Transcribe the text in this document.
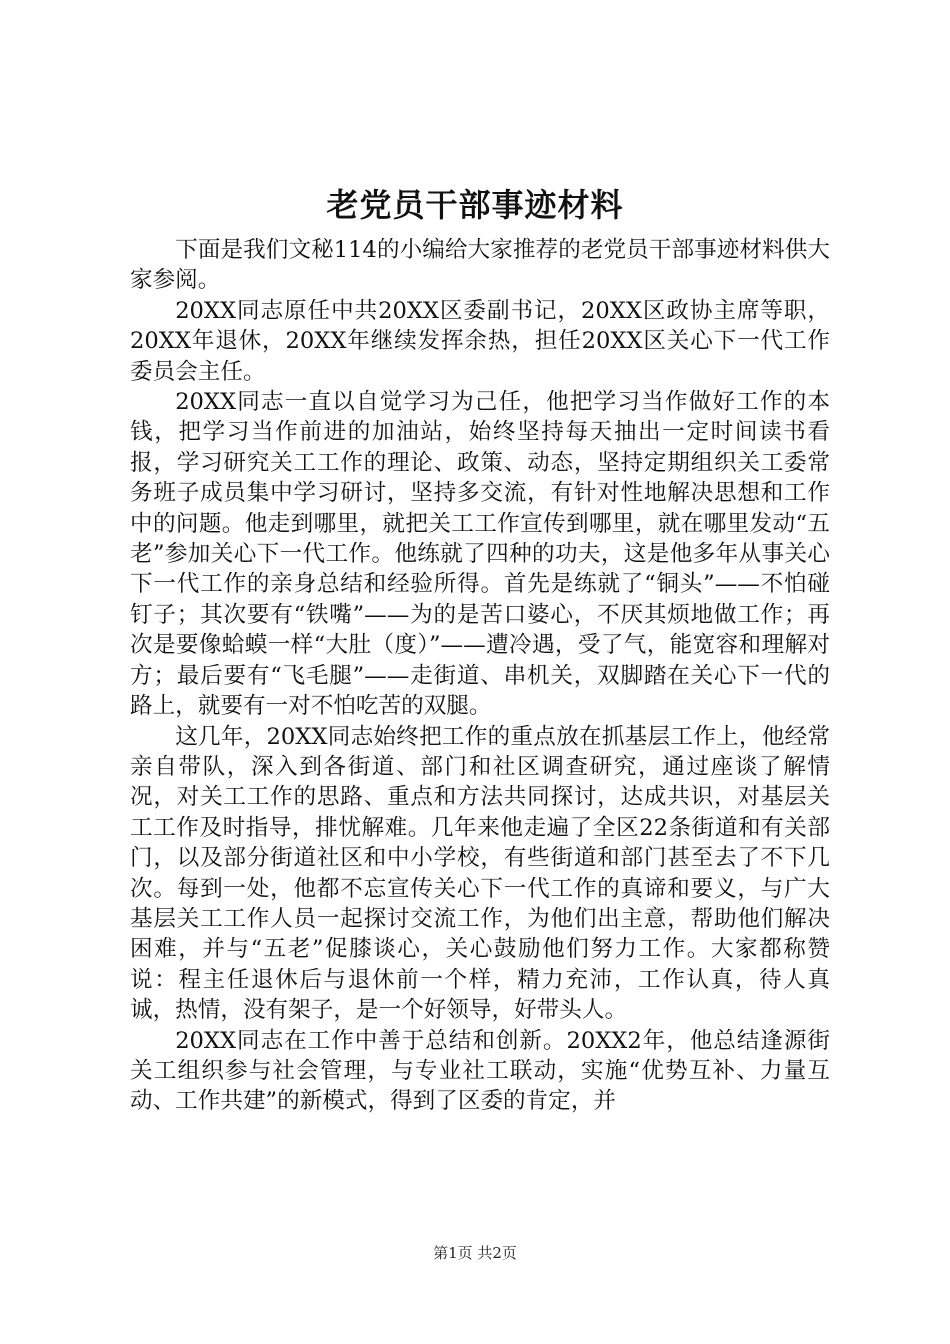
老党员干部事迹材料

下面是我们文秘114的小编给大家推荐的老党员干部事迹材料供大家参阅。

20XX同志原任中共20XX区委副书记，20XX区政协主席等职，20XX年退休，20XX年继续发挥余热，担任20XX区关心下一代工作委员会主任。

20XX同志一直以自觉学习为己任，他把学习当作做好工作的本钱，把学习当作前进的加油站，始终坚持每天抽出一定时间读书看报，学习研究关工工作的理论、政策、动态，坚持定期组织关工委常务班子成员集中学习研讨，坚持多交流，有针对性地解决思想和工作中的问题。他走到哪里，就把关工工作宣传到哪里，就在哪里发动“五老”参加关心下一代工作。他练就了四种的功夫，这是他多年从事关心下一代工作的亲身总结和经验所得。首先是练就了“铜头”——不怕碰钉子；其次要有“铁嘴”——为的是苦口婆心，不厌其烦地做工作；再次是要像蛤蟆一样“大肚（度）”——遭冷遇，受了气，能宽容和理解对方；最后要有“飞毛腿”——走街道、串机关，双脚踏在关心下一代的路上，就要有一对不怕吃苦的双腿。

这几年，20XX同志始终把工作的重点放在抓基层工作上，他经常亲自带队，深入到各街道、部门和社区调查研究，通过座谈了解情况，对关工工作的思路、重点和方法共同探讨，达成共识，对基层关工工作及时指导，排忧解难。几年来他走遍了全区22条街道和有关部门，以及部分街道社区和中小学校，有些街道和部门甚至去了不下几次。每到一处，他都不忘宣传关心下一代工作的真谛和要义，与广大基层关工工作人员一起探讨交流工作，为他们出主意，帮助他们解决困难，并与“五老”促膝谈心，关心鼓励他们努力工作。大家都称赞说：程主任退休后与退休前一个样，精力充沛，工作认真，待人真诚，热情，没有架子，是一个好领导，好带头人。

20XX同志在工作中善于总结和创新。20XX2年，他总结逢源街关工组织参与社会管理，与专业社工联动，实施“优势互补、力量互动、工作共建”的新模式，得到了区委的肯定，并

第1页 共2页
